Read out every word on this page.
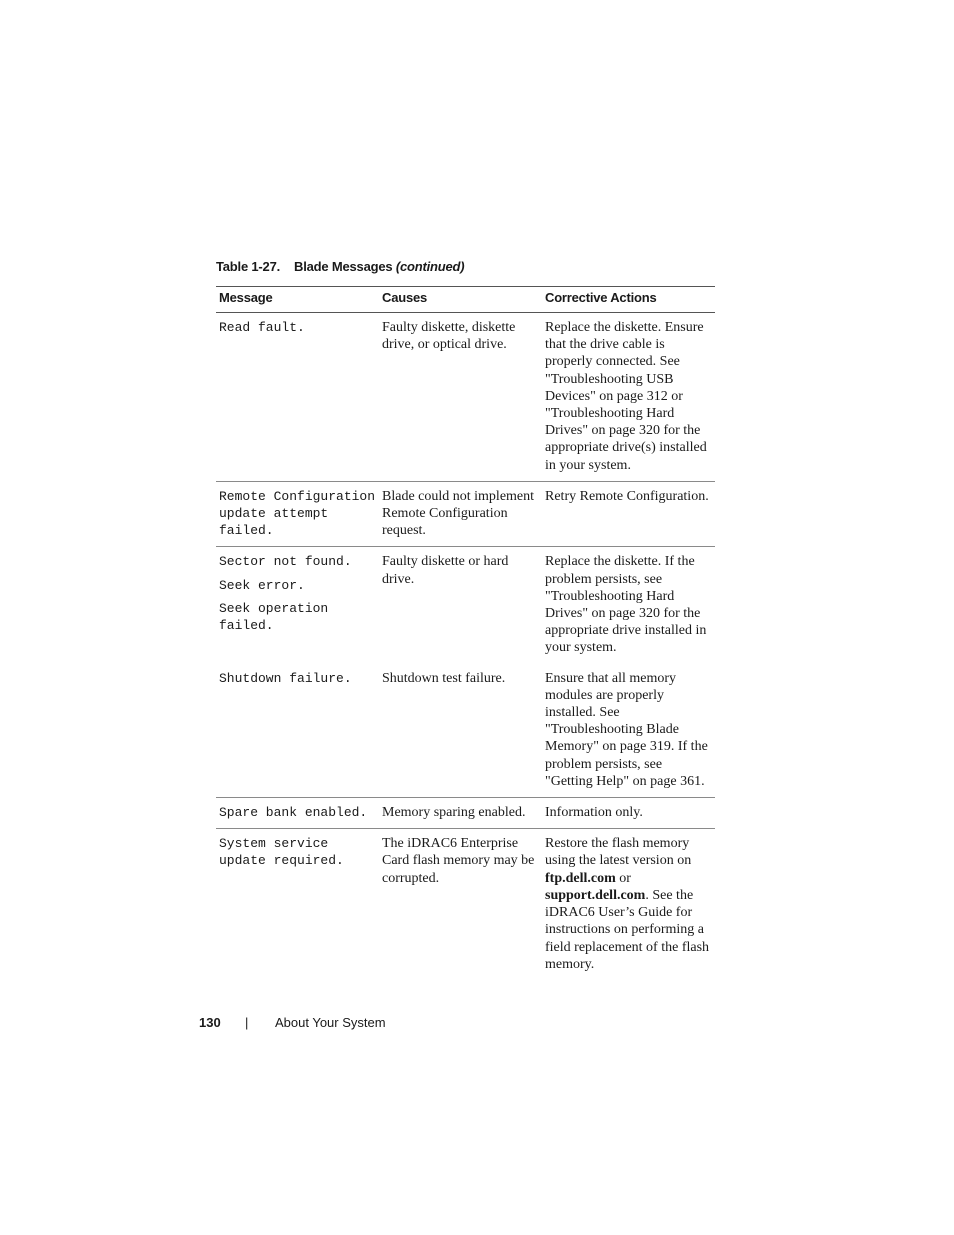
Table 1-27. Blade Messages (continued)
Message	Causes	Corrective Actions

Read fault.	Faulty diskette, diskette drive, or optical drive.	Replace the diskette. Ensure that the drive cable is properly connected. See "Troubleshooting USB Devices" on page 312 or "Troubleshooting Hard Drives" on page 320 for the appropriate drive(s) installed in your system.

Remote Configuration update attempt failed.	Blade could not implement Remote Configuration request.	Retry Remote Configuration.

Sector not found.
Seek error.
Seek operation failed.	Faulty diskette or hard drive.	Replace the diskette. If the problem persists, see "Troubleshooting Hard Drives" on page 320 for the appropriate drive installed in your system.

Shutdown failure.	Shutdown test failure.	Ensure that all memory modules are properly installed. See "Troubleshooting Blade Memory" on page 319. If the problem persists, see "Getting Help" on page 361.

Spare bank enabled.	Memory sparing enabled.	Information only.

System service update required.	The iDRAC6 Enterprise Card flash memory may be corrupted.	Restore the flash memory using the latest version on ftp.dell.com or support.dell.com. See the iDRAC6 User’s Guide for instructions on performing a field replacement of the flash memory.
130 | About Your System
